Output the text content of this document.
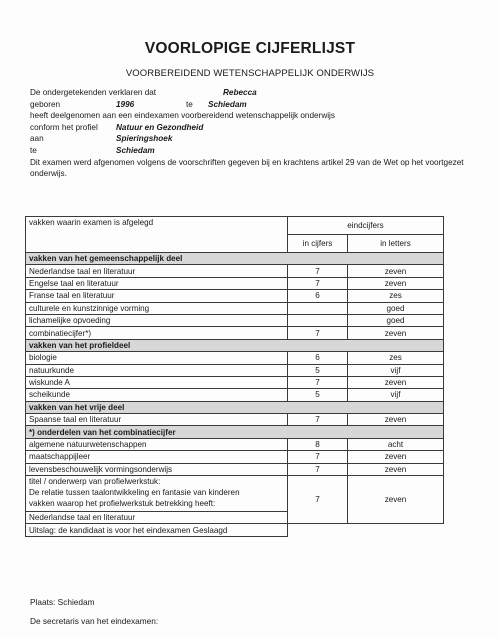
VOORLOPIGE CIJFERLIJST
VOORBEREIDEND WETENSCHAPPELIJK ONDERWIJS
De ondergetekenden verklaren dat	Rebecca
geboren	1996	te Schiedam
heeft deelgenomen aan een eindexamen voorbereidend wetenschappelijk onderwijs
conform het profiel Natuur en Gezondheid
aan	Spieringshoek
te	Schiedam
Dit examen werd afgenomen volgens de voorschriften gegeven bij en krachtens artikel 29 van de Wet op het voortgezet onderwijs.
vakken waarin examen is afgelegd	eindcijfers	
	in cijfers	in letters
vakken van het gemeenschappelijk deel		
Nederlandse taal en literatuur	7	zeven
Engelse taal en literatuur	7	zeven
Franse taal en literatuur	6	zes
culturele en kunstzinnige vorming		goed
lichamelijke opvoeding		goed
combinatiecijfer*)	7	zeven
vakken van het profieldeel		
biologie	6	zes
natuurkunde	5	vijf
wiskunde A	7	zeven
scheikunde	5	vijf
vakken van het vrije deel		
Spaanse taal en literatuur	7	zeven
*) onderdelen van het combinatiecijfer		
algemene natuurwetenschappen	8	acht
maatschappijleer	7	zeven
levensbeschouwelijk vormingsonderwijs	7	zeven

titel / onderwerp van profielwerkstuk:
De relatie tussen taalontwikkeling en fantasie van kinderen
vakken waarop het profielwerkstuk betrekking heeft:	7	zeven
Nederlandse taal en literatuur		
Uitslag: de kandidaat is voor het eindexamen Geslaagd		
Plaats: Schiedam
De secretaris van het eindexamen:
